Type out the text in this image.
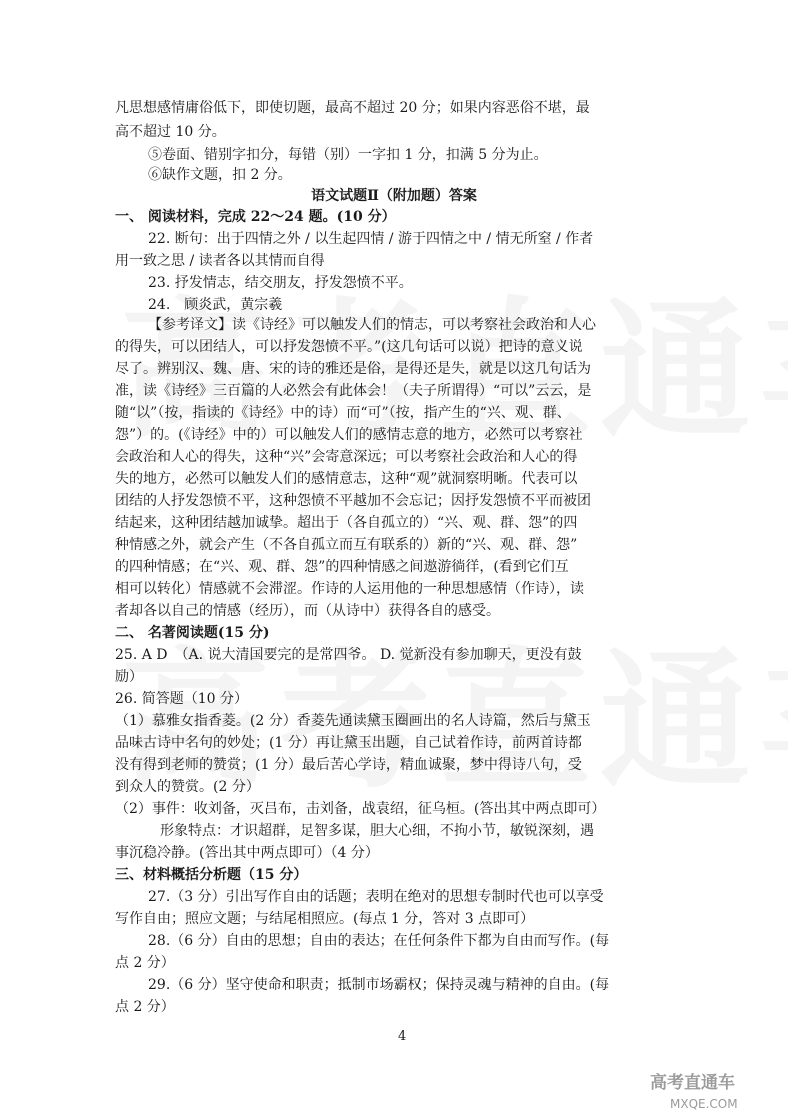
凡思想感情庸俗低下，即使切题，最高不超过 20 分；如果内容恶俗不堪，最
高不超过 10 分。
⑤卷面、错别字扣分，每错（别）一字扣 1 分，扣满 5 分为止。
⑥缺作文题，扣 2 分。
语文试题Ⅱ（附加题）答案
一、 阅读材料，完成 22～24 题。(10 分）
22. 断句：出于四情之外 / 以生起四情 / 游于四情之中 / 情无所窒 / 作者
用一致之思 / 读者各以其情而自得
23. 抒发情志，结交朋友，抒发怨愤不平。
24.　顾炎武，黄宗羲
【参考译文】读《诗经》可以触发人们的情志，可以考察社会政治和人心
的得失，可以团结人，可以抒发怨愤不平。”(这几句话可以说）把诗的意义说
尽了。辨别汉、魏、唐、宋的诗的雅还是俗，是得还是失，就是以这几句话为
准，读《诗经》三百篇的人必然会有此体会！（夫子所谓得）“可以”云云，是
随“以”（按，指读的《诗经》中的诗）而“可”（按，指产生的“兴、观、群、
怨”）的。(《诗经》中的）可以触发人们的感情志意的地方，必然可以考察社
会政治和人心的得失，这种“兴”会寄意深远；可以考察社会政治和人心的得
失的地方，必然可以触发人们的感情意志，这种“观”就洞察明晰。代表可以
团结的人抒发怨愤不平，这种怨愤不平越加不会忘记；因抒发怨愤不平而被团
结起来，这种团结越加诚挚。超出于（各自孤立的）“兴、观、群、怨”的四
种情感之外，就会产生（不各自孤立而互有联系的）新的“兴、观、群、怨”
的四种情感；在“兴、观、群、怨”的四种情感之间遨游徜徉，(看到它们互
相可以转化）情感就不会滞涩。作诗的人运用他的一种思想感情（作诗），读
者却各以自己的情感（经历），而（从诗中）获得各自的感受。
二、 名著阅读题(15 分)
25. A D　（A. 说大清国要完的是常四爷。 D. 觉新没有参加聊天，更没有鼓
励）
26. 简答题（10 分）
（1）慕雅女指香菱。(2 分）香菱先通读黛玉圈画出的名人诗篇，然后与黛玉
品味古诗中名句的妙处；(1 分）再让黛玉出题，自己试着作诗，前两首诗都
没有得到老师的赞赏；(1 分）最后苦心学诗，精血诚聚，梦中得诗八句，受
到众人的赞赏。(2 分）
（2）事件：收刘备，灭吕布，击刘备，战袁绍，征乌桓。(答出其中两点即可）
形象特点：才识超群，足智多谋，胆大心细，不拘小节，敏锐深刻，遇
事沉稳冷静。(答出其中两点即可）（4 分）
三、材料概括分析题（15 分）
27.（3 分）引出写作自由的话题；表明在绝对的思想专制时代也可以享受
写作自由；照应文题；与结尾相照应。(每点 1 分，答对 3 点即可）
28.（6 分）自由的思想；自由的表达；在任何条件下都为自由而写作。(每
点 2 分）
29.（6 分）坚守使命和职责；抵制市场霸权；保持灵魂与精神的自由。(每
点 2 分）
4
高考直通车
MXQE.COM
